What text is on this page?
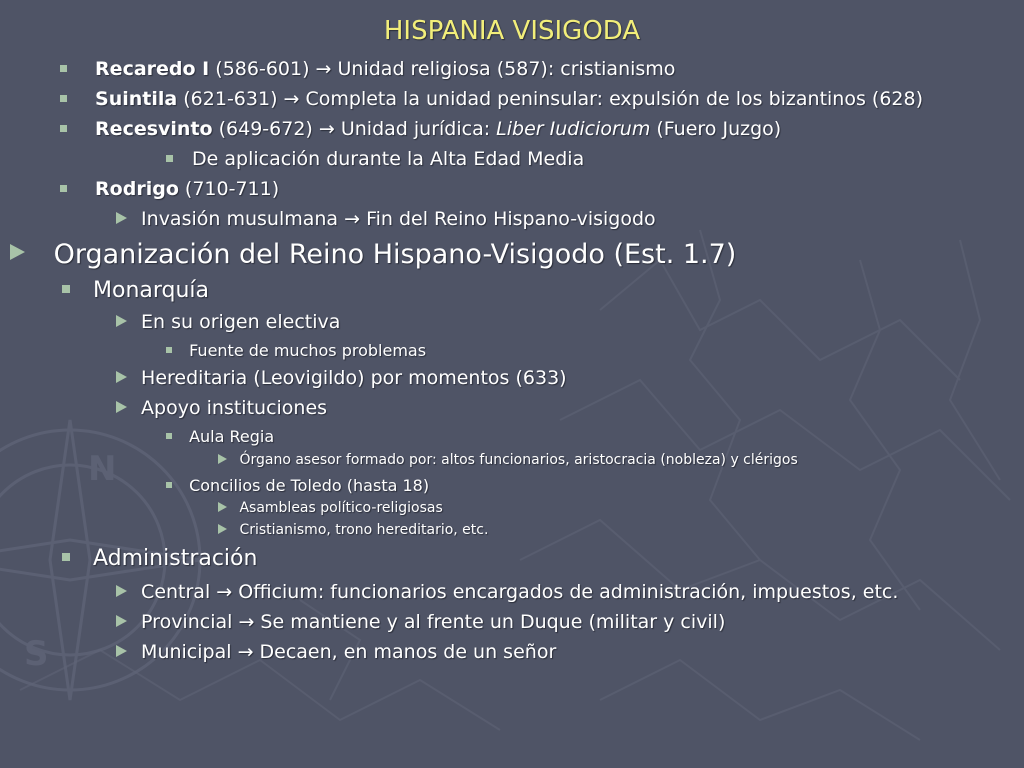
N
S
HISPANIA VISIGODA
Recaredo I (586-601) → Unidad religiosa (587): cristianismo
Suintila (621-631) → Completa la unidad peninsular: expulsión de los bizantinos (628)
Recesvinto (649-672) → Unidad jurídica: Liber Iudiciorum (Fuero Juzgo)
De aplicación durante la Alta Edad Media
Rodrigo (710-711)
Invasión musulmana → Fin del Reino Hispano-visigodo
Organización del Reino Hispano-Visigodo (Est. 1.7)
Monarquía
En su origen electiva
Fuente de muchos problemas
Hereditaria (Leovigildo) por momentos (633)
Apoyo instituciones
Aula Regia
Órgano asesor formado por: altos funcionarios, aristocracia (nobleza) y clérigos
Concilios de Toledo (hasta 18)
Asambleas político-religiosas
Cristianismo, trono hereditario, etc.
Administración
Central → Officium: funcionarios encargados de administración, impuestos, etc.
Provincial → Se mantiene y al frente un Duque (militar y civil)
Municipal → Decaen, en manos de un señor
